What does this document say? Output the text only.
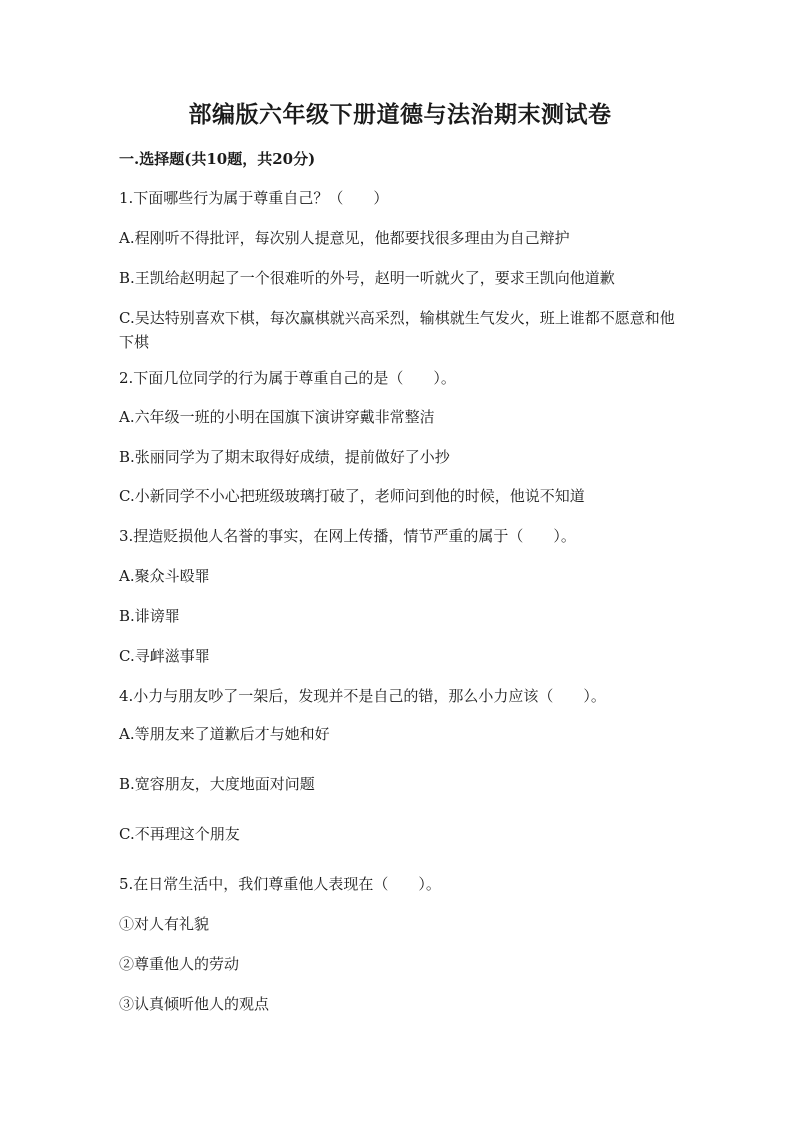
部编版六年级下册道德与法治期末测试卷
一.选择题(共10题，共20分)
1.下面哪些行为属于尊重自己？（　　）
A.程刚听不得批评，每次别人提意见，他都要找很多理由为自己辩护
B.王凯给赵明起了一个很难听的外号，赵明一听就火了，要求王凯向他道歉
C.吴达特别喜欢下棋，每次赢棋就兴高采烈，输棋就生气发火，班上谁都不愿意和他下棋
2.下面几位同学的行为属于尊重自己的是（　　）。
A.六年级一班的小明在国旗下演讲穿戴非常整洁
B.张丽同学为了期末取得好成绩，提前做好了小抄
C.小新同学不小心把班级玻璃打破了，老师问到他的时候，他说不知道
3.捏造贬损他人名誉的事实，在网上传播，情节严重的属于（　　）。
A.聚众斗殴罪
B.诽谤罪
C.寻衅滋事罪
4.小力与朋友吵了一架后，发现并不是自己的错，那么小力应该（　　）。
A.等朋友来了道歉后才与她和好
B.宽容朋友，大度地面对问题
C.不再理这个朋友
5.在日常生活中，我们尊重他人表现在（　　）。
①对人有礼貌
②尊重他人的劳动
③认真倾听他人的观点
